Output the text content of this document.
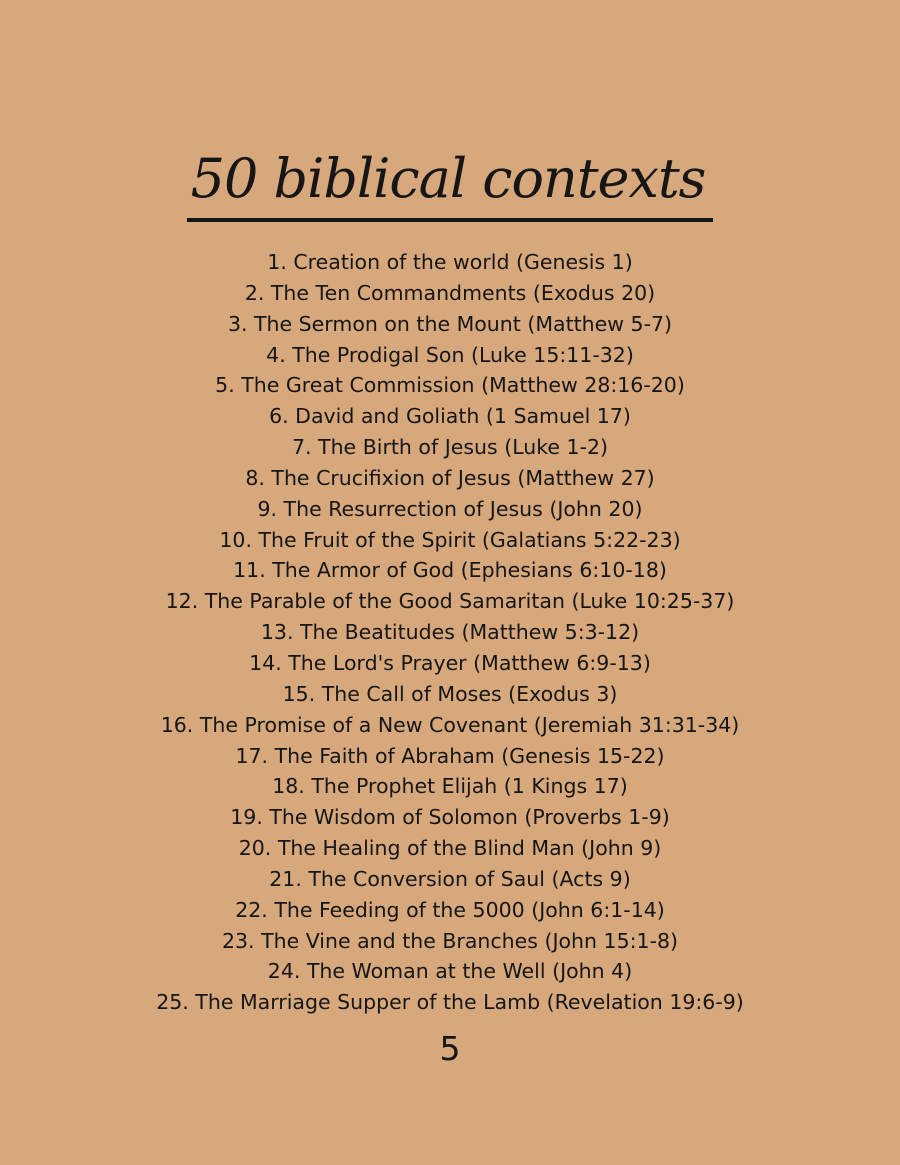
50 biblical contexts
1. Creation of the world (Genesis 1)
2. The Ten Commandments (Exodus 20)
3. The Sermon on the Mount (Matthew 5-7)
4. The Prodigal Son (Luke 15:11-32)
5. The Great Commission (Matthew 28:16-20)
6. David and Goliath (1 Samuel 17)
7. The Birth of Jesus (Luke 1-2)
8. The Crucifixion of Jesus (Matthew 27)
9. The Resurrection of Jesus (John 20)
10. The Fruit of the Spirit (Galatians 5:22-23)
11. The Armor of God (Ephesians 6:10-18)
12. The Parable of the Good Samaritan (Luke 10:25-37)
13. The Beatitudes (Matthew 5:3-12)
14. The Lord's Prayer (Matthew 6:9-13)
15. The Call of Moses (Exodus 3)
16. The Promise of a New Covenant (Jeremiah 31:31-34)
17. The Faith of Abraham (Genesis 15-22)
18. The Prophet Elijah (1 Kings 17)
19. The Wisdom of Solomon (Proverbs 1-9)
20. The Healing of the Blind Man (John 9)
21. The Conversion of Saul (Acts 9)
22. The Feeding of the 5000 (John 6:1-14)
23. The Vine and the Branches (John 15:1-8)
24. The Woman at the Well (John 4)
25. The Marriage Supper of the Lamb (Revelation 19:6-9)
5
